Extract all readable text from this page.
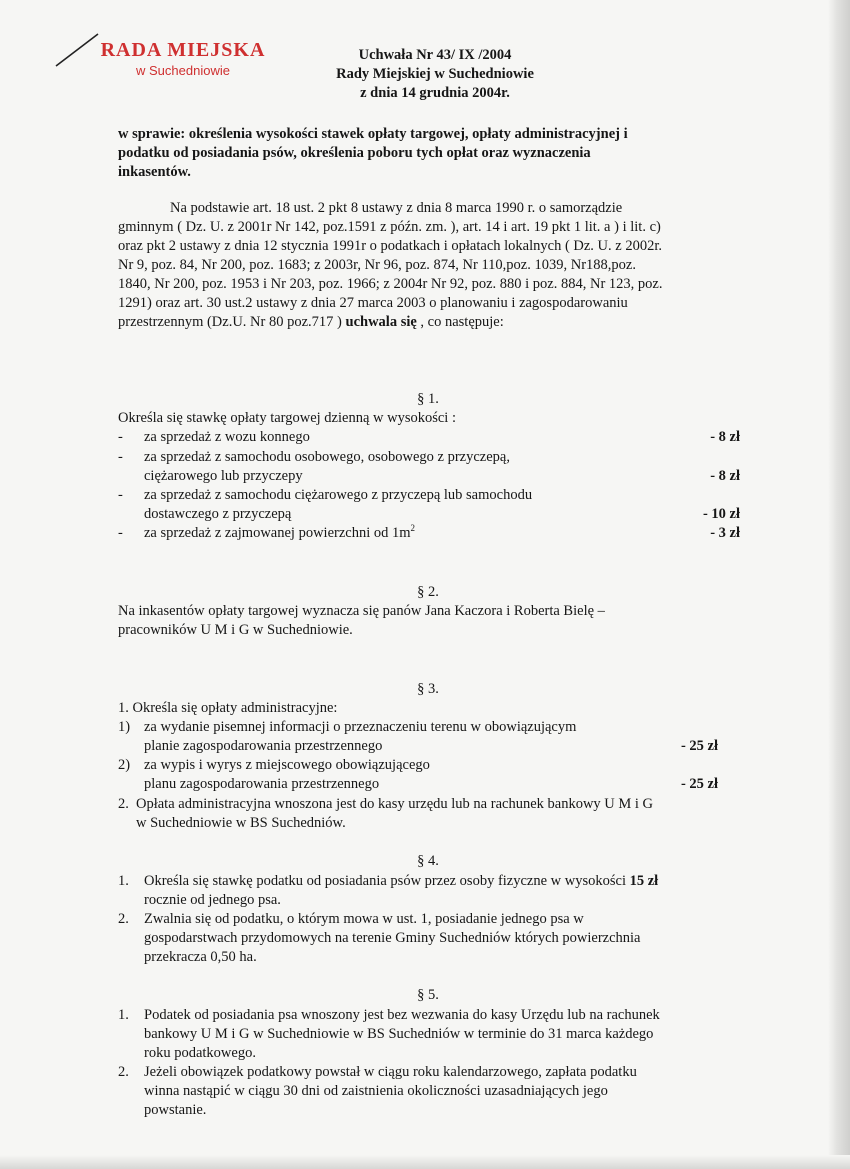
RADA MIEJSKA
w Suchedniowie
Uchwała Nr 43/ IX /2004
Rady Miejskiej w Suchedniowie
z dnia 14 grudnia 2004r.
w sprawie: określenia wysokości stawek opłaty targowej, opłaty administracyjnej i
podatku od posiadania psów, określenia poboru tych opłat oraz wyznaczenia
inkasentów.
Na podstawie art. 18 ust. 2 pkt 8 ustawy z dnia 8 marca 1990 r. o samorządzie
gminnym ( Dz. U. z 2001r Nr 142, poz.1591 z późn. zm. ), art. 14 i art. 19 pkt 1 lit. a ) i lit. c)
oraz pkt 2 ustawy z dnia 12 stycznia 1991r o podatkach i opłatach lokalnych ( Dz. U. z 2002r.
Nr 9, poz. 84, Nr 200, poz. 1683; z 2003r, Nr 96, poz. 874, Nr 110,poz. 1039, Nr188,poz.
1840, Nr 200, poz. 1953 i Nr 203, poz. 1966; z 2004r Nr 92, poz. 880 i poz. 884, Nr 123, poz.
1291) oraz art. 30 ust.2 ustawy z dnia 27 marca 2003 o planowaniu i zagospodarowaniu
przestrzennym (Dz.U. Nr 80 poz.717 ) uchwala się , co następuje:
§ 1.
Określa się stawkę opłaty targowej dzienną w wysokości :
- za sprzedaż z wozu konnego	- 8 zł
- za sprzedaż z samochodu osobowego, osobowego z przyczepą,
ciężarowego lub przyczepy	- 8 zł
- za sprzedaż z samochodu ciężarowego z przyczepą lub samochodu
dostawczego z przyczepą	- 10 zł
- za sprzedaż z zajmowanej powierzchni od $1m^2$	- 3 zł
§ 2.
Na inkasentów opłaty targowej wyznacza się panów Jana Kaczora i Roberta Bielę –
pracowników U M i G w Suchedniowie.
§ 3.
1. Określa się opłaty administracyjne:
1) za wydanie pisemnej informacji o przeznaczeniu terenu w obowiązującym
planie zagospodarowania przestrzennego	- 25 zł
2) za wypis i wyrys z miejscowego obowiązującego
planu zagospodarowania przestrzennego	- 25 zł
2. Opłata administracyjna wnoszona jest do kasy urzędu lub na rachunek bankowy U M i G
w Suchedniowie w BS Suchedniów.
§ 4.
1. Określa się stawkę podatku od posiadania psów przez osoby fizyczne w wysokości 15 zł
rocznie od jednego psa.
2. Zwalnia się od podatku, o którym mowa w ust. 1, posiadanie jednego psa w
gospodarstwach przydomowych na terenie Gminy Suchedniów których powierzchnia
przekracza 0,50 ha.
§ 5.
1. Podatek od posiadania psa wnoszony jest bez wezwania do kasy Urzędu lub na rachunek
bankowy U M i G w Suchedniowie w BS Suchedniów w terminie do 31 marca każdego
roku podatkowego.
2. Jeżeli obowiązek podatkowy powstał w ciągu roku kalendarzowego, zapłata podatku
winna nastąpić w ciągu 30 dni od zaistnienia okoliczności uzasadniających jego
powstanie.
